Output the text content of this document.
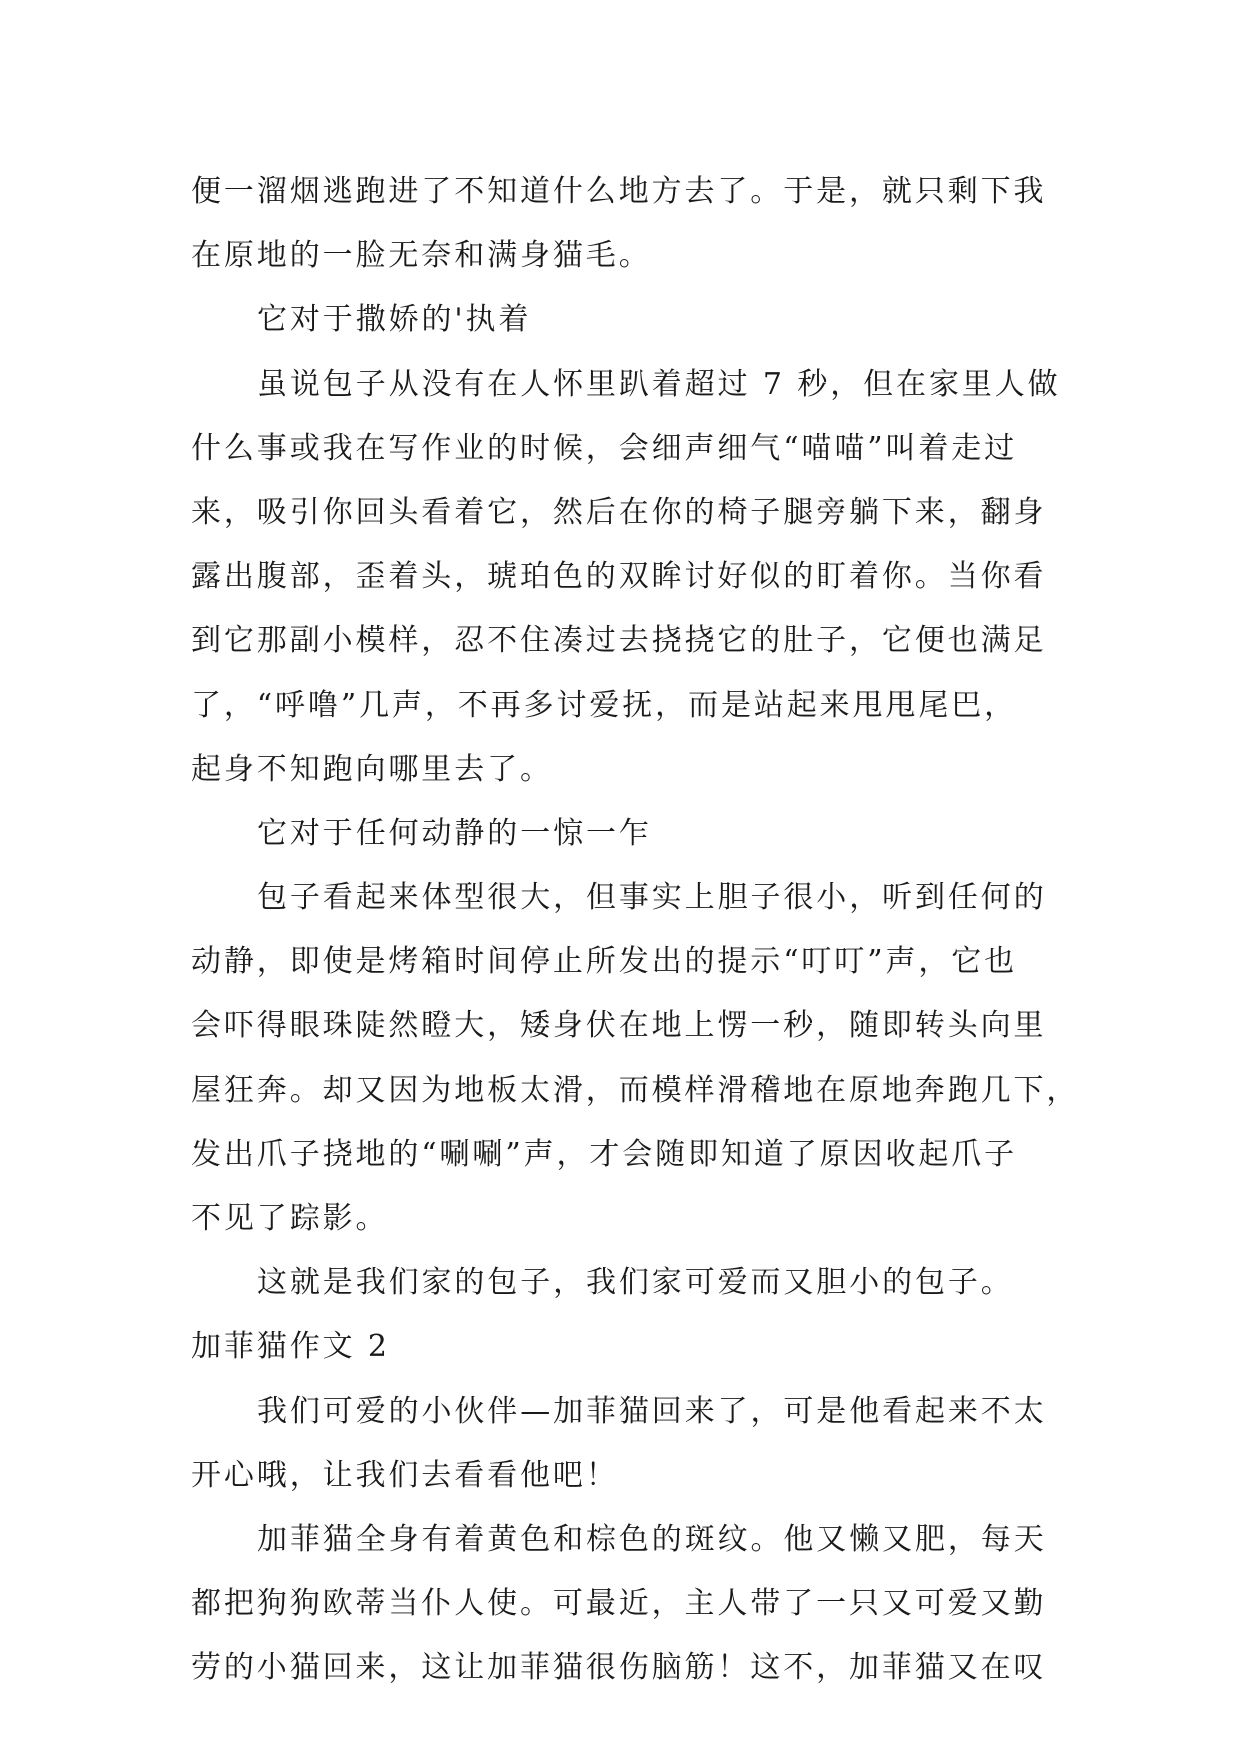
便一溜烟逃跑进了不知道什么地方去了。于是，就只剩下我
在原地的一脸无奈和满身猫毛。
它对于撒娇的'执着
虽说包子从没有在人怀里趴着超过 7 秒，但在家里人做
什么事或我在写作业的时候，会细声细气“喵喵”叫着走过
来，吸引你回头看着它，然后在你的椅子腿旁躺下来，翻身
露出腹部，歪着头，琥珀色的双眸讨好似的盯着你。当你看
到它那副小模样，忍不住凑过去挠挠它的肚子，它便也满足
了，“呼噜”几声，不再多讨爱抚，而是站起来甩甩尾巴，
起身不知跑向哪里去了。
它对于任何动静的一惊一乍
包子看起来体型很大，但事实上胆子很小，听到任何的
动静，即使是烤箱时间停止所发出的提示“叮叮”声，它也
会吓得眼珠陡然瞪大，矮身伏在地上愣一秒，随即转头向里
屋狂奔。却又因为地板太滑，而模样滑稽地在原地奔跑几下，
发出爪子挠地的“唰唰”声，才会随即知道了原因收起爪子
不见了踪影。
这就是我们家的包子，我们家可爱而又胆小的包子。
加菲猫作文 2
我们可爱的小伙伴—加菲猫回来了，可是他看起来不太
开心哦，让我们去看看他吧！
加菲猫全身有着黄色和棕色的斑纹。他又懒又肥，每天
都把狗狗欧蒂当仆人使。可最近，主人带了一只又可爱又勤
劳的小猫回来，这让加菲猫很伤脑筋！这不，加菲猫又在叹
